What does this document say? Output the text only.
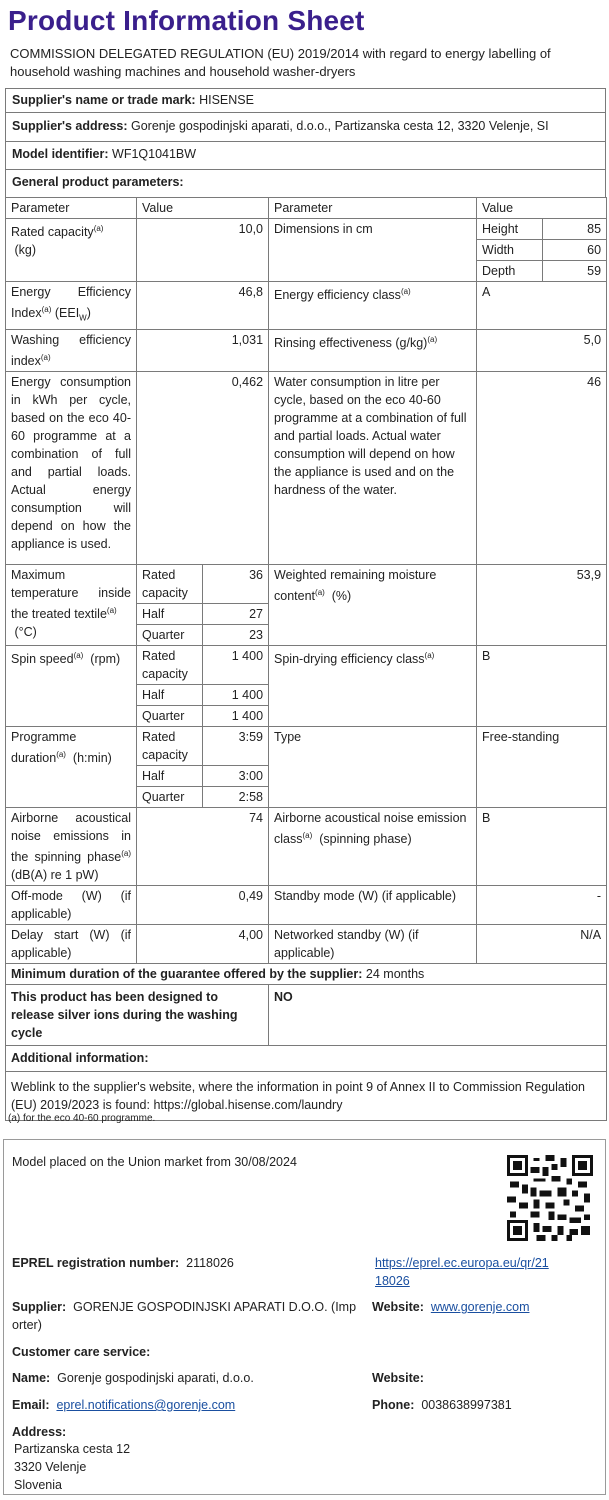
Product Information Sheet
COMMISSION DELEGATED REGULATION (EU) 2019/2014 with regard to energy labelling of household washing machines and household washer-dryers
Supplier's name or trade mark: HISENSE
Supplier's address: Gorenje gospodinjski aparati, d.o.o., Partizanska cesta 12, 3320 Velenje, SI
Model identifier: WF1Q1041BW
General product parameters:
Parameter	Value		Parameter	Value	
Rated capacity$^{(a)}$
(kg)	10,0		Dimensions in cm	Height	85
				Width	60
				Depth	59
Energy Efficiency Index$^{(a)}$ $(EEI_W)$	46,8		Energy efficiency class$^{(a)}$	A	
Washing efficiency index$^{(a)}$	1,031		Rinsing effectiveness $(g/kg)^{(a)}$	5,0	
Energy consumption in kWh per cycle, based on the eco 40-60 programme at a combination of full and partial loads. Actual energy consumption will depend on how the appliance is used.	0,462		Water consumption in litre per cycle, based on the eco 40-60 programme at a combination of full and partial loads. Actual water consumption will depend on how the appliance is used and on the hardness of the water.	46	
Maximum temperature inside the treated textile$^{(a)}$
(°C)	Rated capacity	36	Weighted remaining moisture content$^{(a)}$ (%)	53,9	
	Half	27			
	Quarter	23			
Spin speed$^{(a)}$ (rpm)	Rated capacity	1 400	Spin-drying efficiency class$^{(a)}$	B	
	Half	1 400			
	Quarter	1 400			
Programme duration$^{(a)}$ (h:min)	Rated capacity	3:59	Type	Free-standing	
	Half	3:00			
	Quarter	2:58			
Airborne acoustical noise emissions in the spinning phase$^{(a)}$ (dB(A) re 1 pW)	74		Airborne acoustical noise emission class$^{(a)}$ (spinning phase)	B	
Off-mode (W) (if applicable)	0,49		Standby mode (W) (if applicable)	-	
Delay start (W) (if applicable)	4,00		Networked standby (W) (if applicable)	N/A	
Minimum duration of the guarantee offered by the supplier: 24 months					
This product has been designed to release silver ions during the washing cycle			NO		
Additional information:					
Weblink to the supplier's website, where the information in point 9 of Annex II to Commission Regulation (EU) 2019/2023 is found: https://global.hisense.com/laundry					
(a) for the eco 40-60 programme.
Model placed on the Union market from 30/08/2024
EPREL registration number: 2118026	https://eprel.ec.europa.eu/qr/21
18026
Supplier: GORENJE GOSPODINJSKI APARATI D.O.O. (Imp
orter)
Website: www.gorenje.com
Customer care service:
Name: Gorenje gospodinjski aparati, d.o.o.	Website:
Email: eprel.notifications@gorenje.com	Phone: 0038638997381
Address:
Partizanska cesta 12
3320 Velenje
Slovenia
